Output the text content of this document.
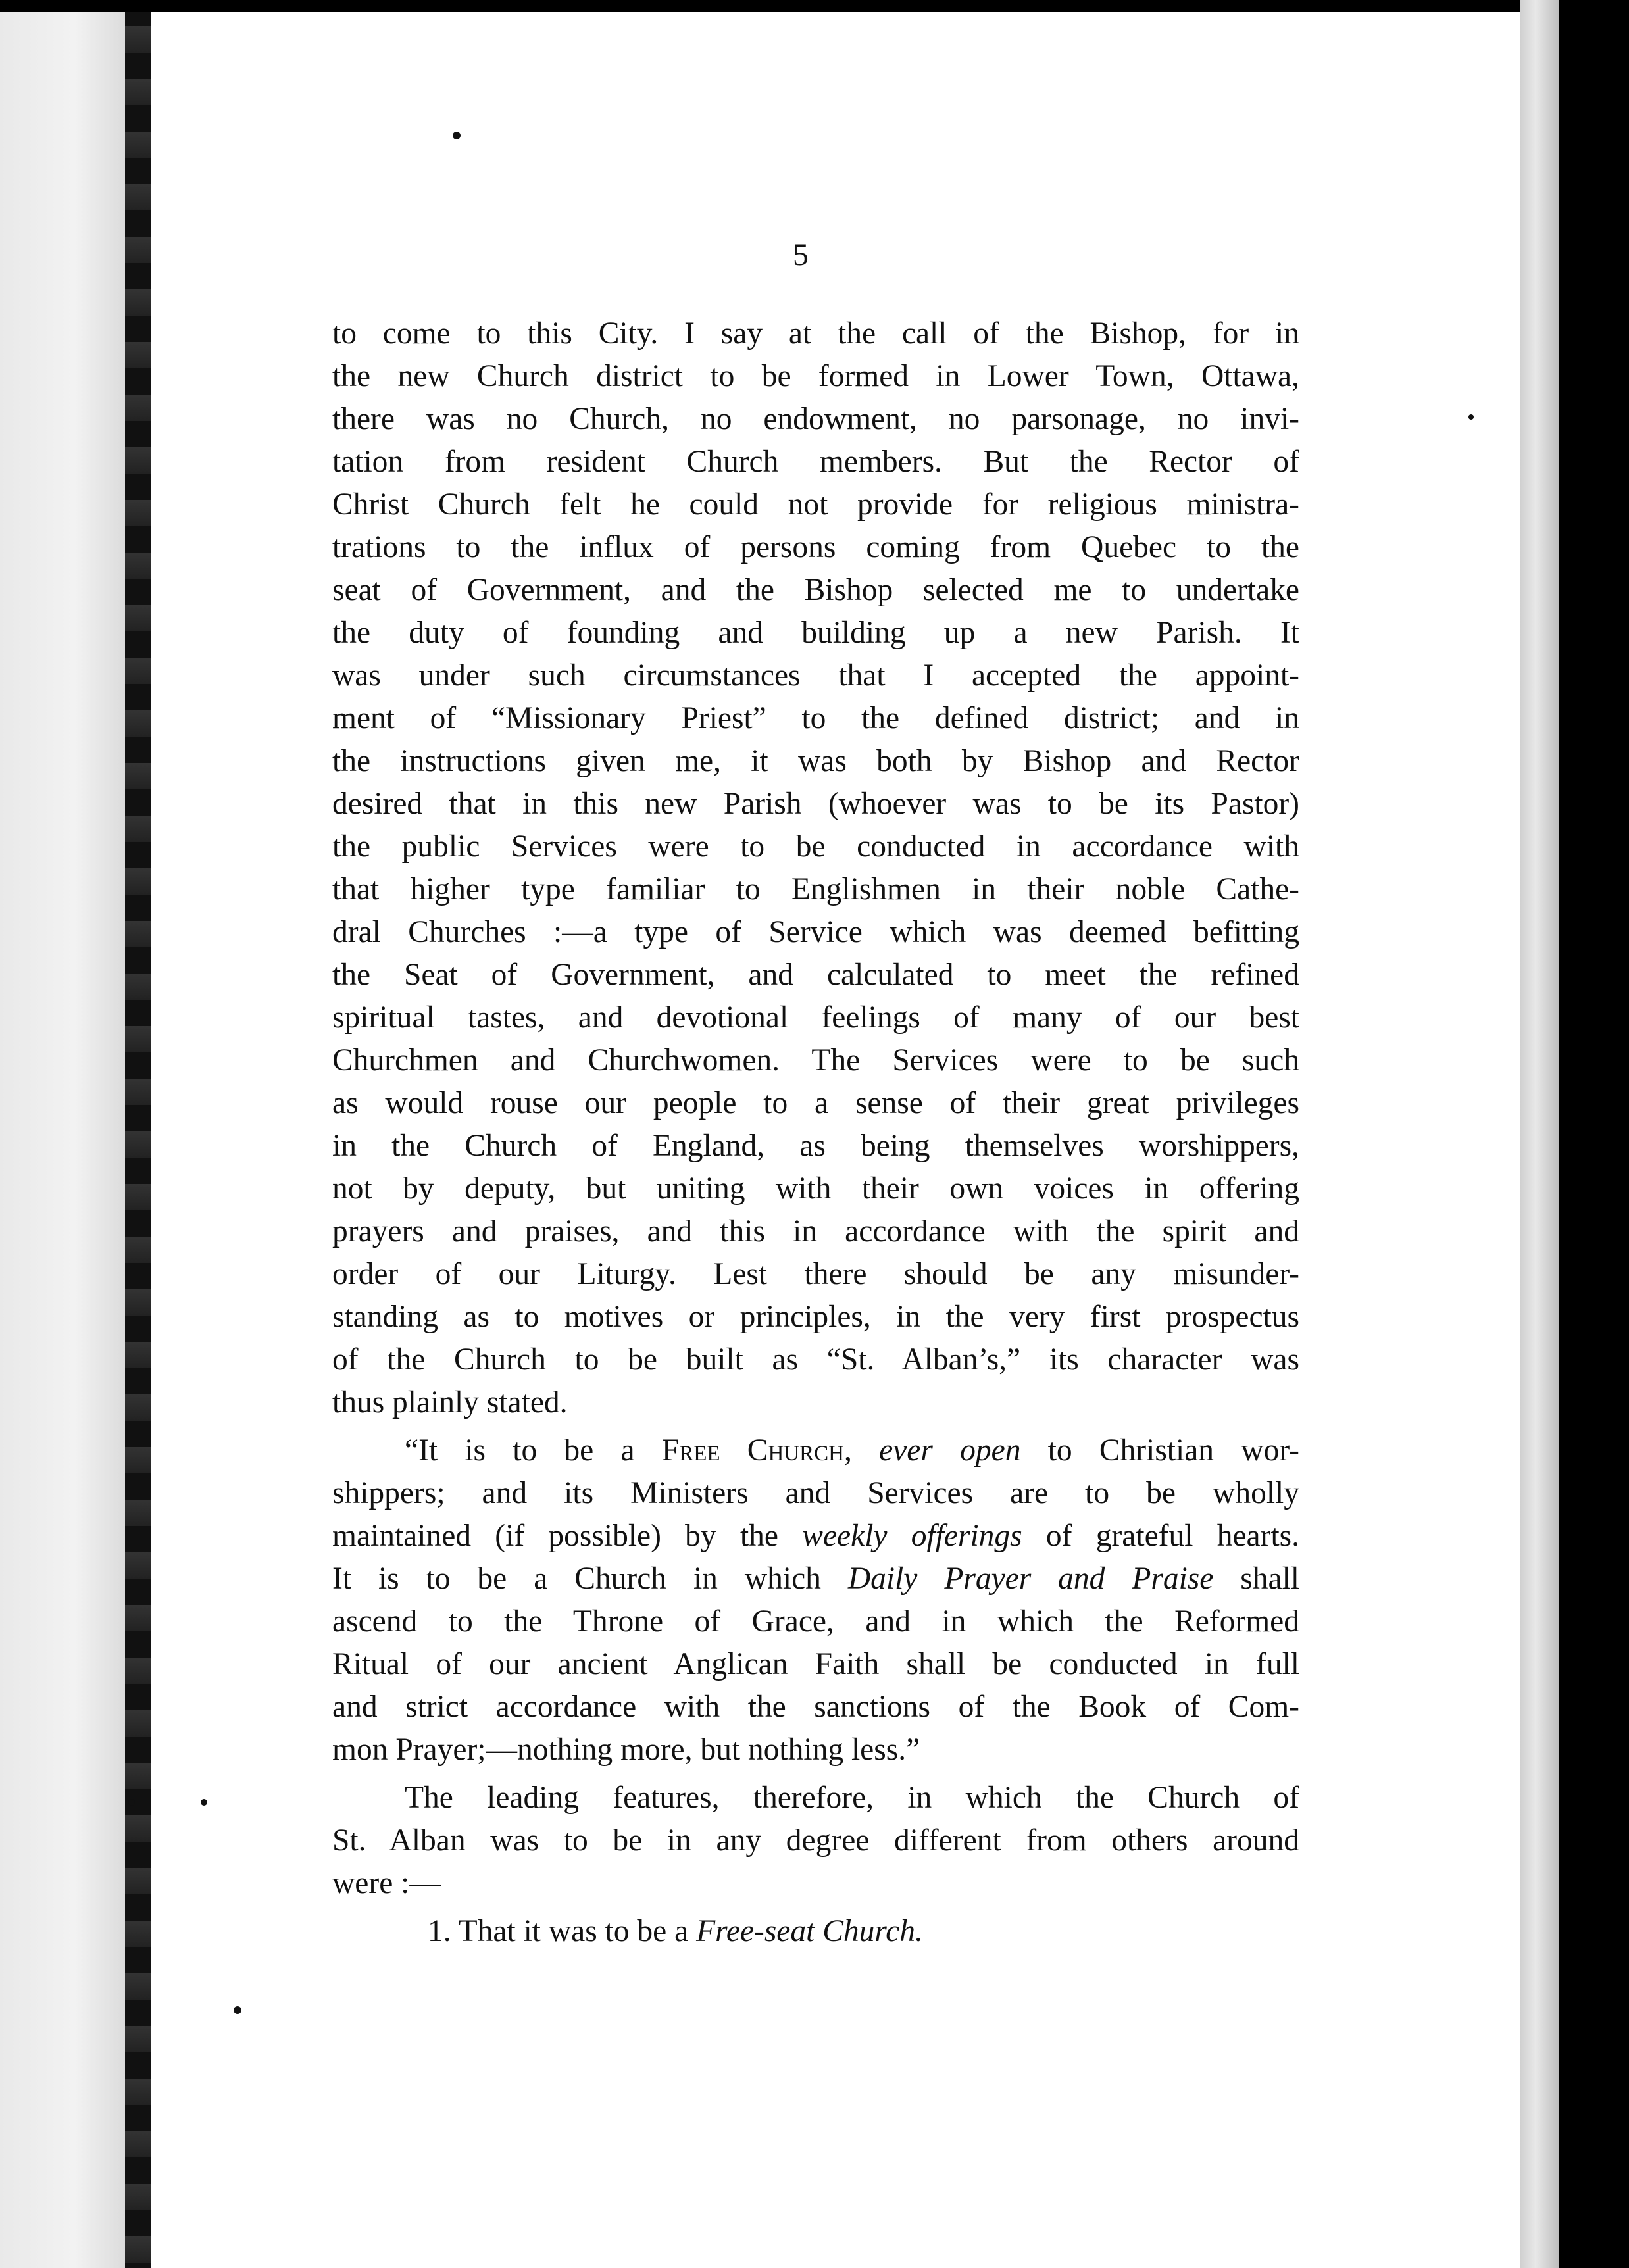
5
to come to this City. I say at the call of the Bishop, for in
the new Church district to be formed in Lower Town, Ottawa,
there was no Church, no endowment, no parsonage, no invi-
tation from resident Church members. But the Rector of
Christ Church felt he could not provide for religious ministra-
trations to the influx of persons coming from Quebec to the
seat of Government, and the Bishop selected me to undertake
the duty of founding and building up a new Parish. It
was under such circumstances that I accepted the appoint-
ment of “Missionary Priest” to the defined district; and in
the instructions given me, it was both by Bishop and Rector
desired that in this new Parish (whoever was to be its Pastor)
the public Services were to be conducted in accordance with
that higher type familiar to Englishmen in their noble Cathe-
dral Churches :—a type of Service which was deemed befitting
the Seat of Government, and calculated to meet the refined
spiritual tastes, and devotional feelings of many of our best
Churchmen and Churchwomen. The Services were to be such
as would rouse our people to a sense of their great privileges
in the Church of England, as being themselves worshippers,
not by deputy, but uniting with their own voices in offering
prayers and praises, and this in accordance with the spirit and
order of our Liturgy. Lest there should be any misunder-
standing as to motives or principles, in the very first prospectus
of the Church to be built as “St. Alban’s,” its character was
thus plainly stated.
“It is to be a Free Church, ever open to Christian wor-
shippers; and its Ministers and Services are to be wholly
maintained (if possible) by the weekly offerings of grateful hearts.
It is to be a Church in which Daily Prayer and Praise shall
ascend to the Throne of Grace, and in which the Reformed
Ritual of our ancient Anglican Faith shall be conducted in full
and strict accordance with the sanctions of the Book of Com-
mon Prayer;—nothing more, but nothing less.”
The leading features, therefore, in which the Church of
St. Alban was to be in any degree different from others around
were :—
1. That it was to be a Free-seat Church.
